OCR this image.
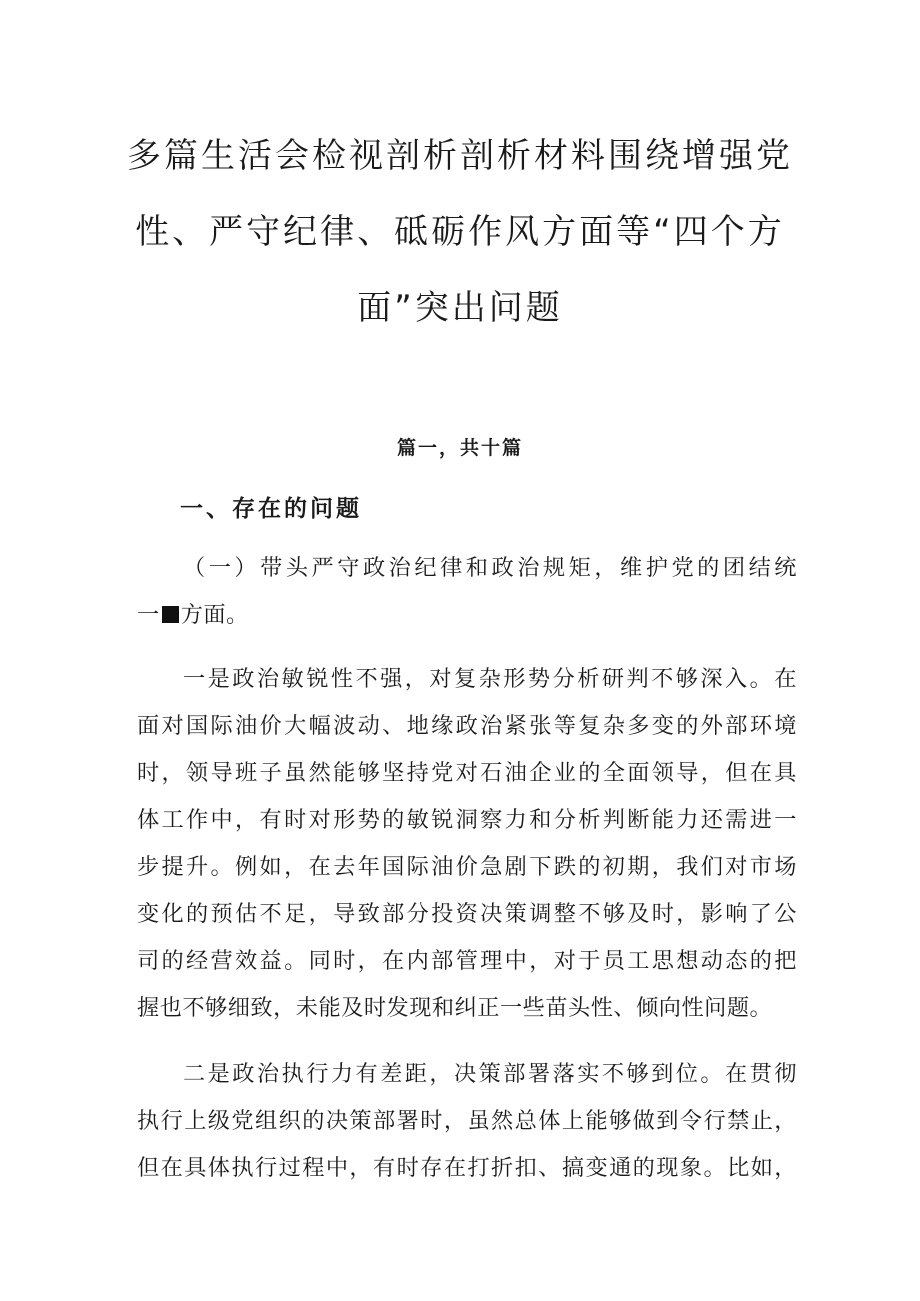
多篇生活会检视剖析剖析材料围绕增强党
性、严守纪律、砥砺作风方面等“四个方
面”突出问题
篇一，共十篇
一、存在的问题
（一）带头严守政治纪律和政治规矩，维护党的团结统
一 方面。
一是政治敏锐性不强，对复杂形势分析研判不够深入。在
面对国际油价大幅波动、地缘政治紧张等复杂多变的外部环境
时，领导班子虽然能够坚持党对石油企业的全面领导，但在具
体工作中，有时对形势的敏锐洞察力和分析判断能力还需进一
步提升。例如，在去年国际油价急剧下跌的初期，我们对市场
变化的预估不足，导致部分投资决策调整不够及时，影响了公
司的经营效益。同时，在内部管理中，对于员工思想动态的把
握也不够细致，未能及时发现和纠正一些苗头性、倾向性问题。
二是政治执行力有差距，决策部署落实不够到位。在贯彻
执行上级党组织的决策部署时，虽然总体上能够做到令行禁止，
但在具体执行过程中，有时存在打折扣、搞变通的现象。比如，
